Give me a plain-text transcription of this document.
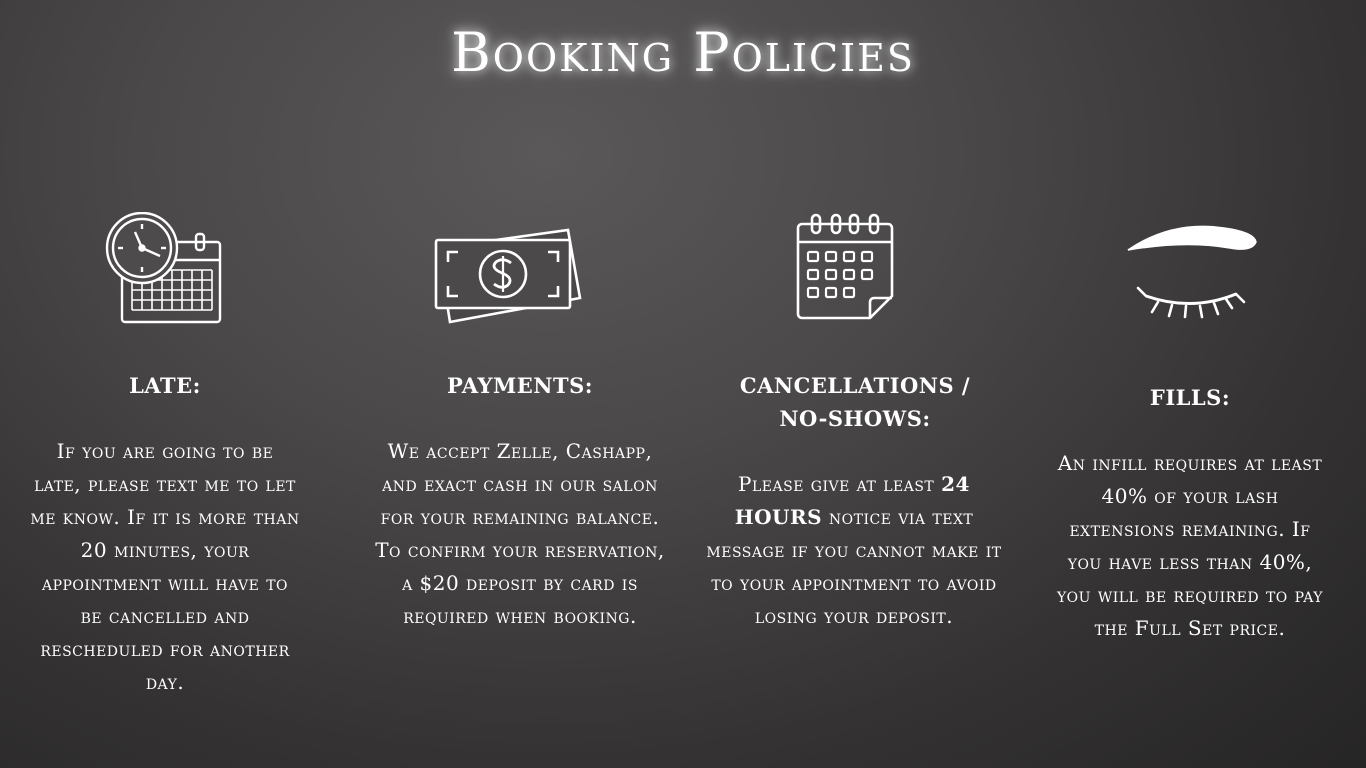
Booking Policies
LATE:
If you are going to be late, please text me to let me know. If it is more than 20 minutes, your appointment will have to be cancelled and rescheduled for another day.
PAYMENTS:
We accept Zelle, Cashapp, and exact cash in our salon for your remaining balance.
To confirm your reservation, a $20 deposit by card is required when booking.
CANCELLATIONS / NO-SHOWS:
Please give at least 24 HOURS notice via text message if you cannot make it to your appointment to avoid losing your deposit.
FILLS:
An infill requires at least 40% of your lash extensions remaining. If you have less than 40%, you will be required to pay the Full Set price.
